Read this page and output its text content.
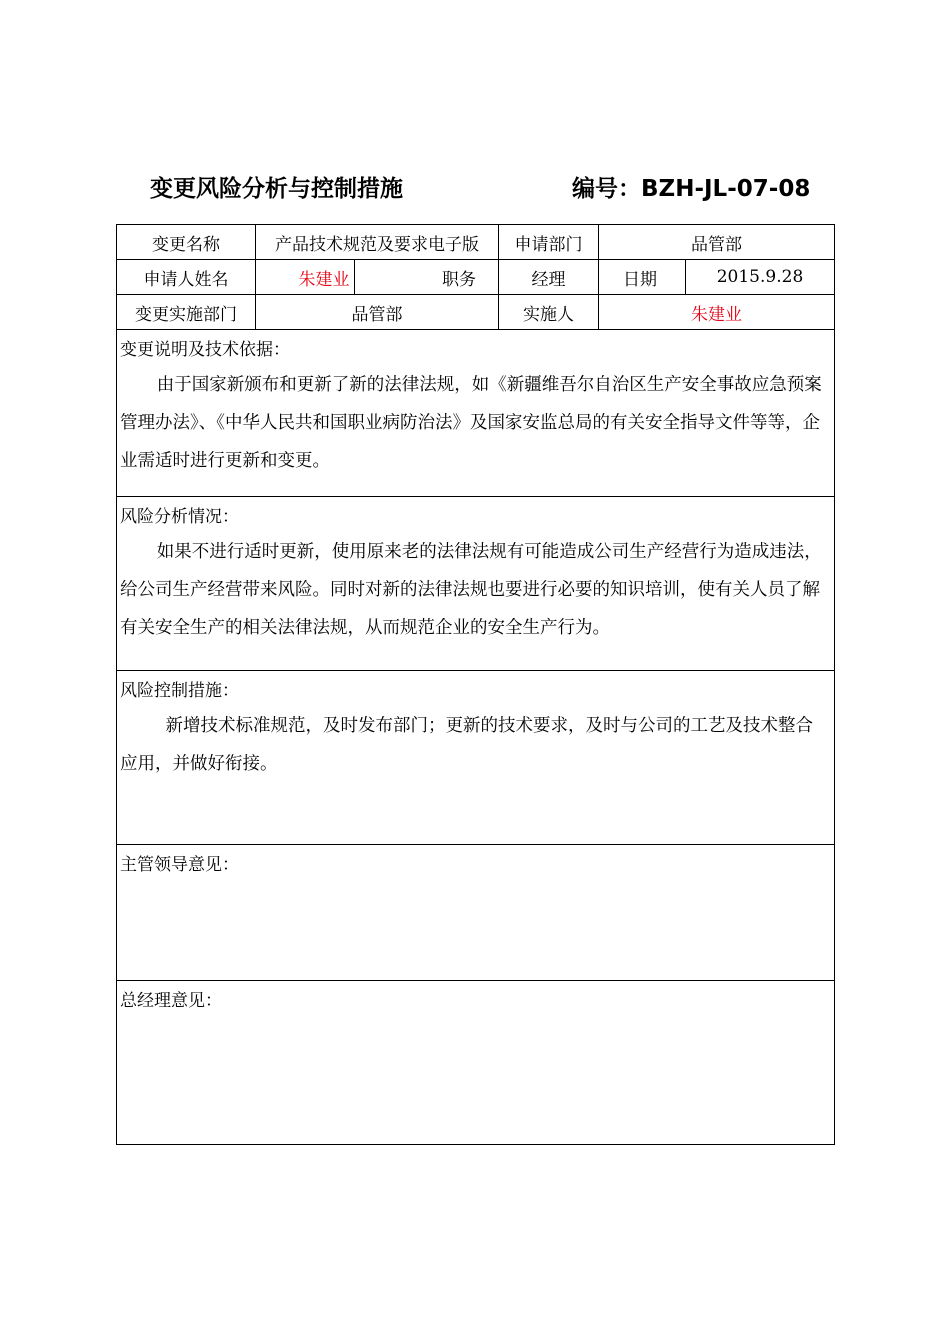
变更风险分析与控制措施	编号：BZH-JL-07-08
变更名称	产品技术规范及要求电子版		申请部门	品管部	
申请人姓名	朱建业	职务	经理	日期	2015.9.28
变更实施部门	品管部		实施人	朱建业	

变更说明及技术依据：
由于国家新颁布和更新了新的法律法规，如《新疆维吾尔自治区生产安全事故应急预案管理办法》、《中华人民共和国职业病防治法》及国家安监总局的有关安全指导文件等等，企业需适时进行更新和变更。					

风险分析情况：
如果不进行适时更新，使用原来老的法律法规有可能造成公司生产经营行为造成违法，给公司生产经营带来风险。同时对新的法律法规也要进行必要的知识培训，使有关人员了解有关安全生产的相关法律法规，从而规范企业的安全生产行为。					

风险控制措施：
新增技术标准规范，及时发布部门；更新的技术要求，及时与公司的工艺及技术整合应用，并做好衔接。					

主管领导意见：					

总经理意见：					
